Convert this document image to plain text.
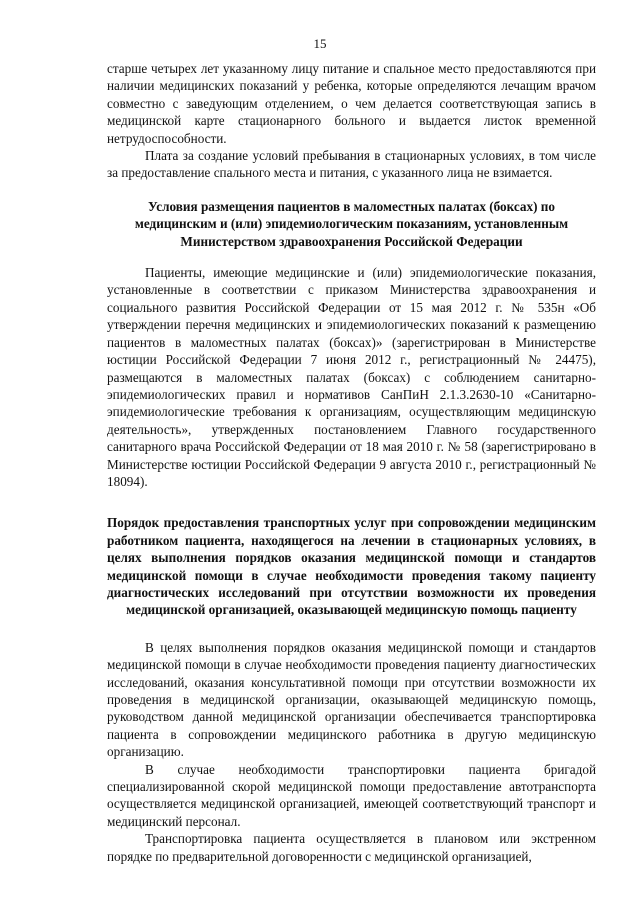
15

старше четырех лет указанному лицу питание и спальное место предоставляются при наличии медицинских показаний у ребенка, которые определяются лечащим врачом совместно с заведующим отделением, о чем делается соответствующая запись в медицинской карте стационарного больного и выдается листок временной нетрудоспособности.

Плата за создание условий пребывания в стационарных условиях, в том числе за предоставление спального места и питания, с указанного лица не взимается.

Условия размещения пациентов в маломестных палатах (боксах) по медицинским и (или) эпидемиологическим показаниям, установленным Министерством здравоохранения Российской Федерации

Пациенты, имеющие медицинские и (или) эпидемиологические показания, установленные в соответствии с приказом Министерства здравоохранения и социального развития Российской Федерации от 15 мая 2012 г. № 535н «Об утверждении перечня медицинских и эпидемиологических показаний к размещению пациентов в маломестных палатах (боксах)» (зарегистрирован в Министерстве юстиции Российской Федерации 7 июня 2012 г., регистрационный № 24475), размещаются в маломестных палатах (боксах) с соблюдением санитарно-эпидемиологических правил и нормативов СанПиН 2.1.3.2630-10 «Санитарно-эпидемиологические требования к организациям, осуществляющим медицинскую деятельность», утвержденных постановлением Главного государственного санитарного врача Российской Федерации от 18 мая 2010 г. № 58 (зарегистрировано в Министерстве юстиции Российской Федерации 9 августа 2010 г., регистрационный № 18094).

Порядок предоставления транспортных услуг при сопровождении медицинским работником пациента, находящегося на лечении в стационарных условиях, в целях выполнения порядков оказания медицинской помощи и стандартов медицинской помощи в случае необходимости проведения такому пациенту диагностических исследований при отсутствии возможности их проведения медицинской организацией, оказывающей медицинскую помощь пациенту

В целях выполнения порядков оказания медицинской помощи и стандартов медицинской помощи в случае необходимости проведения пациенту диагностических исследований, оказания консультативной помощи при отсутствии возможности их проведения в медицинской организации, оказывающей медицинскую помощь, руководством данной медицинской организации обеспечивается транспортировка пациента в сопровождении медицинского работника в другую медицинскую организацию.

В случае необходимости транспортировки пациента бригадой специализированной скорой медицинской помощи предоставление автотранспорта осуществляется медицинской организацией, имеющей соответствующий транспорт и медицинский персонал.

Транспортировка пациента осуществляется в плановом или экстренном порядке по предварительной договоренности с медицинской организацией,
